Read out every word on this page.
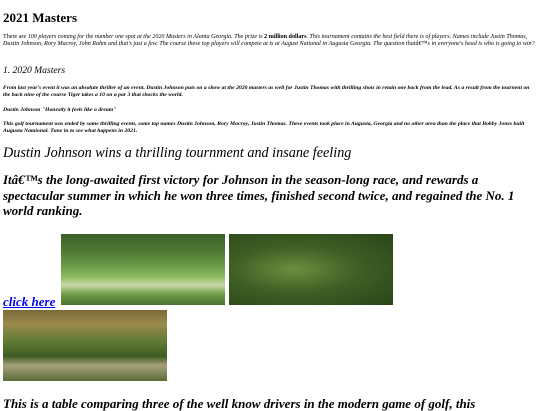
2021 Masters

There are 100 players coming for the number one spot at the 2020 Masters in Alanta Georgia. The prize is 2 million dollars. This tournament contains the best field there is of players. Names include Justin Thomas, Dustin Johnson, Rory Macroy, John Rahm and that's just a few. The course these top players will compete at is at August National in Augusta Georgia. The question thatâ€™s in everyone's head is who is going to win?

1. 2020 Masters

From last year's event it was an absolute thriller of an event. Dustin Johnson puts on a show at the 2020 masters as well for Justin Thomas with thrilling shots in retain one back from the lead. As a result from the tournent on the back nine of the course Tiger takes a 10 on a par 3 that shocks the world.

Dustin Johnson "Honestly it feels like a dream"

This golf tournament was ended by some thrilling events, some top names Dustin Johnson, Rory Macroy, Justin Thomas. These events took place in Augusta, Georgia and no other area than the place that Bobby Jones built Augusta Nataional. Tune in to see what happens in 2021.

Dustin Johnson wins a thrilling tournment and insane feeling

Itâ€™s the long-awaited first victory for Johnson in the season-long race, and rewards a spectacular summer in which he won three times, finished second twice, and regained the No. 1 world ranking.

click here

This is a table comparing three of the well know drivers in the modern game of golf, this
